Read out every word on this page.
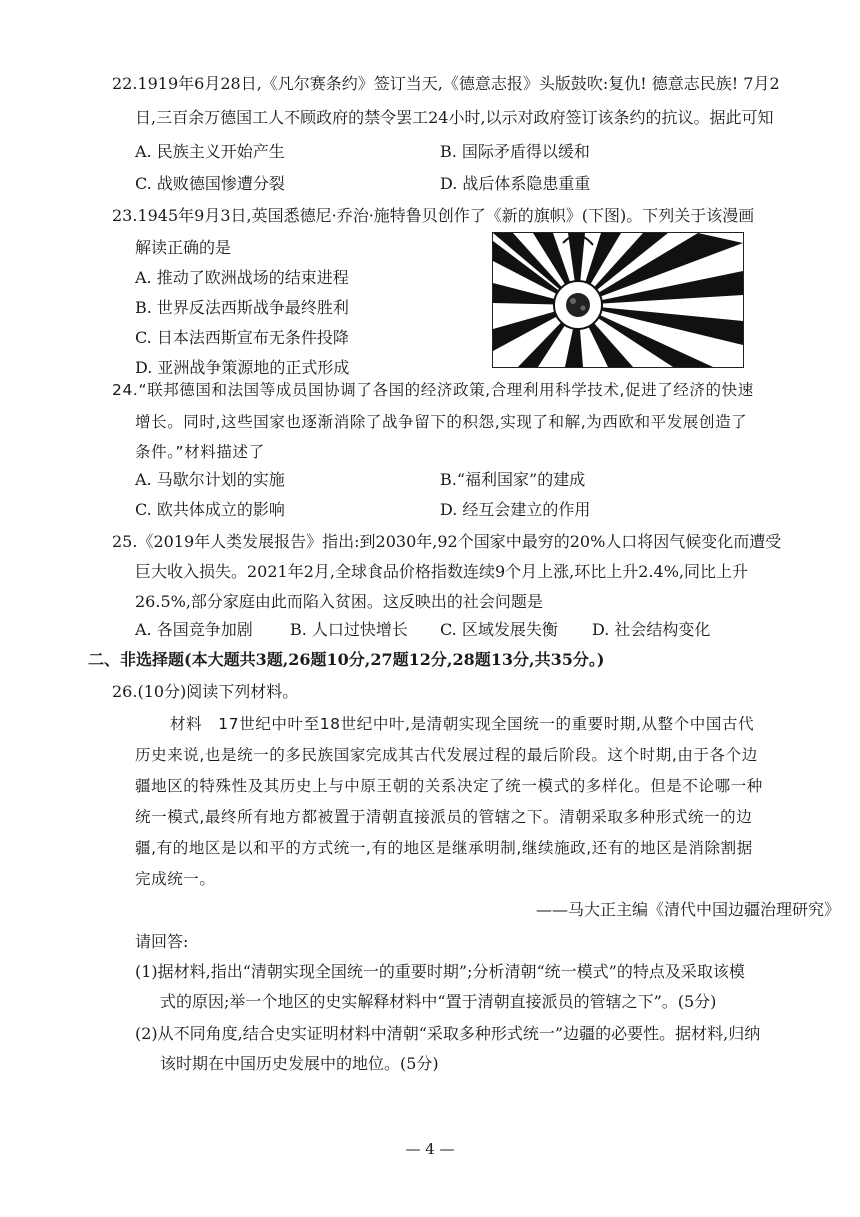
22.1919年6月28日,《凡尔赛条约》签订当天,《德意志报》头版鼓吹:复仇! 德意志民族! 7月2
日,三百余万德国工人不顾政府的禁令罢工24小时,以示对政府签订该条约的抗议。据此可知
A. 民族主义开始产生	B. 国际矛盾得以缓和
C. 战败德国惨遭分裂	D. 战后体系隐患重重
23.1945年9月3日,英国悉德尼·乔治·施特鲁贝创作了《新的旗帜》(下图)。下列关于该漫画
解读正确的是
A. 推动了欧洲战场的结束进程
B. 世界反法西斯战争最终胜利
C. 日本法西斯宣布无条件投降
D. 亚洲战争策源地的正式形成
24.“联邦德国和法国等成员国协调了各国的经济政策,合理利用科学技术,促进了经济的快速
增长。同时,这些国家也逐渐消除了战争留下的积怨,实现了和解,为西欧和平发展创造了
条件。”材料描述了
A. 马歇尔计划的实施	B.“福利国家”的建成
C. 欧共体成立的影响	D. 经互会建立的作用
25.《2019年人类发展报告》指出:到2030年,92个国家中最穷的20%人口将因气候变化而遭受
巨大收入损失。2021年2月,全球食品价格指数连续9个月上涨,环比上升2.4%,同比上升
26.5%,部分家庭由此而陷入贫困。这反映出的社会问题是
A. 各国竞争加剧 B. 人口过快增长 C. 区域发展失衡 D. 社会结构变化
二、非选择题(本大题共3题,26题10分,27题12分,28题13分,共35分。)
26.(10分)阅读下列材料。
材料　17世纪中叶至18世纪中叶,是清朝实现全国统一的重要时期,从整个中国古代
历史来说,也是统一的多民族国家完成其古代发展过程的最后阶段。这个时期,由于各个边
疆地区的特殊性及其历史上与中原王朝的关系决定了统一模式的多样化。但是不论哪一种
统一模式,最终所有地方都被置于清朝直接派员的管辖之下。清朝采取多种形式统一的边
疆,有的地区是以和平的方式统一,有的地区是继承明制,继续施政,还有的地区是消除割据
完成统一。
——马大正主编《清代中国边疆治理研究》
请回答:
(1)据材料,指出“清朝实现全国统一的重要时期”;分析清朝“统一模式”的特点及采取该模
式的原因;举一个地区的史实解释材料中“置于清朝直接派员的管辖之下”。(5分)
(2)从不同角度,结合史实证明材料中清朝“采取多种形式统一”边疆的必要性。据材料,归纳
该时期在中国历史发展中的地位。(5分)
— 4 —
